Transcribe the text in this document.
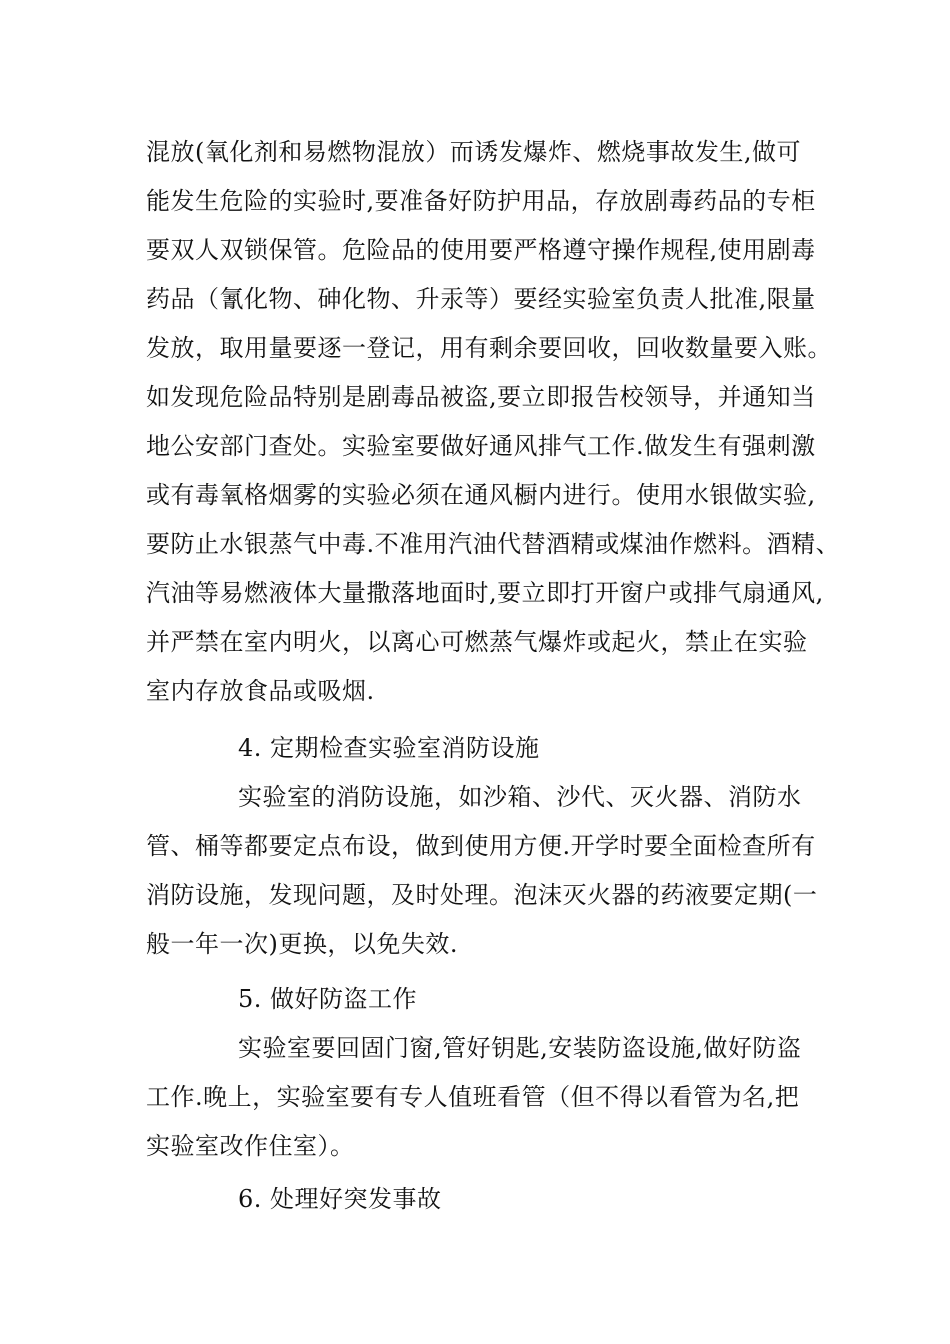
混放(氧化剂和易燃物混放）而诱发爆炸、燃烧事故发生,做可
能发生危险的实验时,要准备好防护用品，存放剧毒药品的专柜
要双人双锁保管。危险品的使用要严格遵守操作规程,使用剧毒
药品（氰化物、砷化物、升汞等）要经实验室负责人批准,限量
发放，取用量要逐一登记，用有剩余要回收，回收数量要入账。
如发现危险品特别是剧毒品被盗,要立即报告校领导，并通知当
地公安部门查处。实验室要做好通风排气工作.做发生有强刺激
或有毒氧格烟雾的实验必须在通风橱内进行。使用水银做实验,
要防止水银蒸气中毒.不准用汽油代替酒精或煤油作燃料。酒精、
汽油等易燃液体大量撒落地面时,要立即打开窗户或排气扇通风,
并严禁在室内明火，以离心可燃蒸气爆炸或起火，禁止在实验
室内存放食品或吸烟.
4. 定期检查实验室消防设施
实验室的消防设施，如沙箱、沙代、灭火器、消防水
管、桶等都要定点布设，做到使用方便.开学时要全面检查所有
消防设施，发现问题，及时处理。泡沫灭火器的药液要定期(一
般一年一次)更换，以免失效.
5. 做好防盗工作
实验室要回固门窗,管好钥匙,安装防盗设施,做好防盗
工作.晚上，实验室要有专人值班看管（但不得以看管为名,把
实验室改作住室）。
6. 处理好突发事故
